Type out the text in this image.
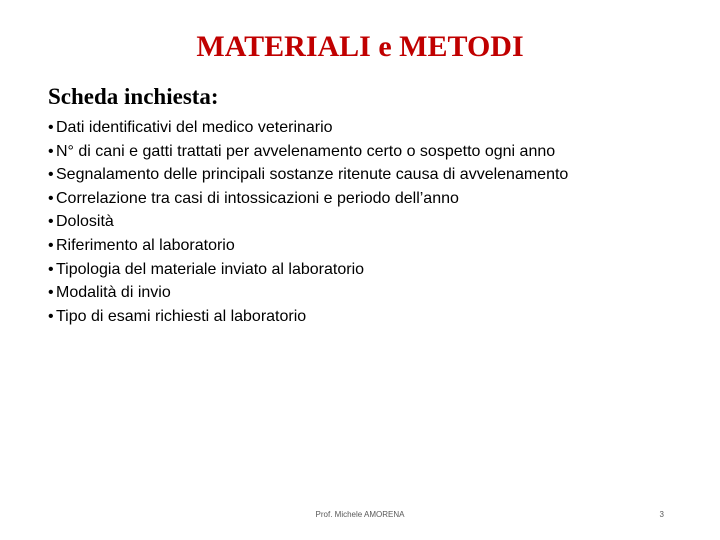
MATERIALI e METODI
Scheda inchiesta:
• Dati identificativi del medico veterinario
• N° di cani e gatti trattati per avvelenamento certo o sospetto ogni anno
• Segnalamento delle principali sostanze ritenute causa di avvelenamento
• Correlazione tra casi di intossicazioni e periodo dell’anno
• Dolosità
• Riferimento al laboratorio
• Tipologia del materiale inviato al laboratorio
• Modalità di invio
• Tipo di esami richiesti al laboratorio
Prof. Michele AMORENA	3
